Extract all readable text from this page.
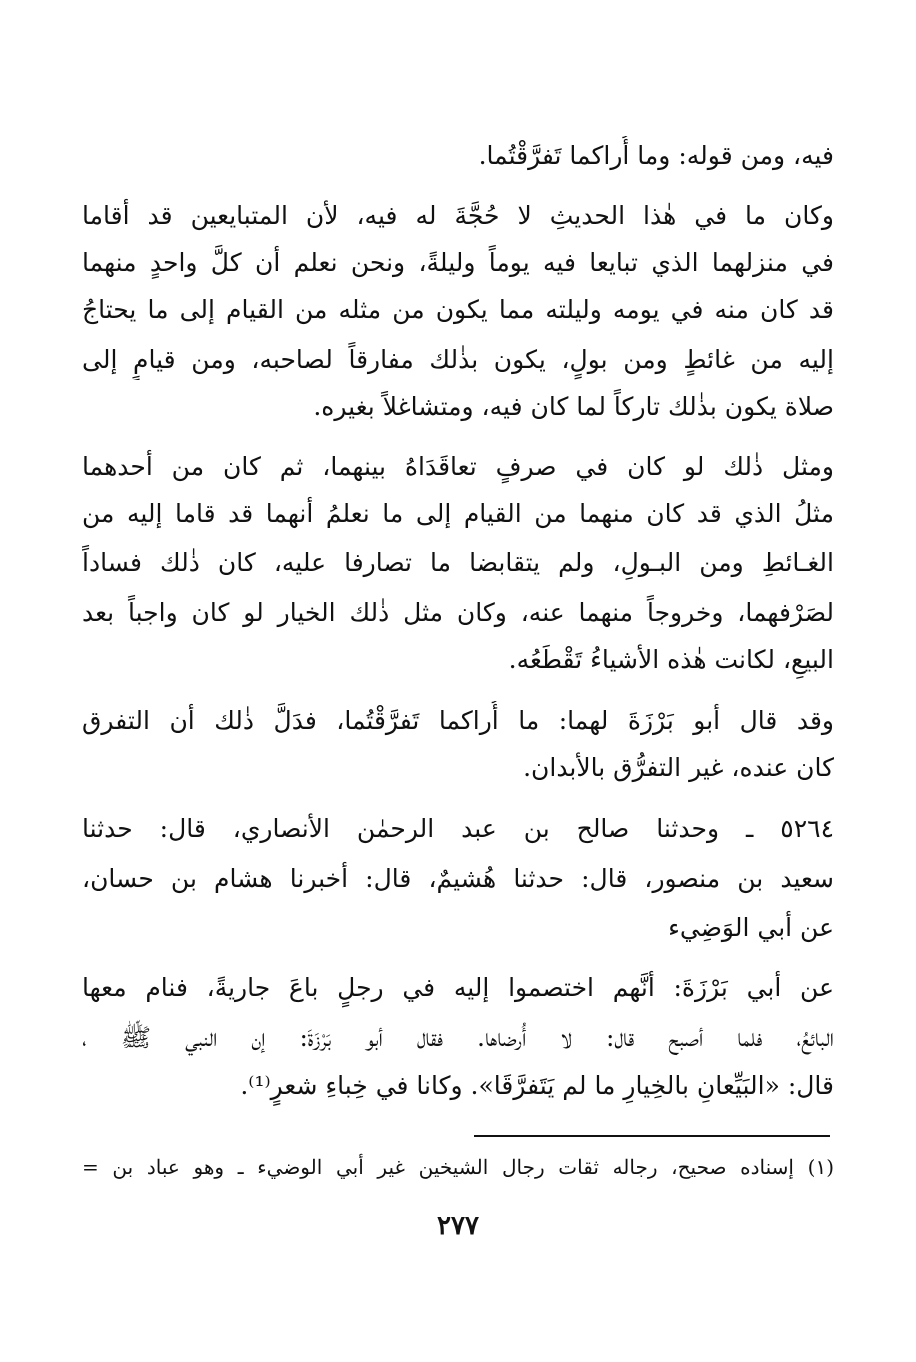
فيه، ومن قوله: وما أُراكما تَفرَّقْتُما.
وكان ما في هٰذا الحديثِ لا حُجَّةَ له فيه، لأن المتبايعين قد أقاما
في منزلهما الذي تبايعا فيه يوماً وليلةً، ونحن نعلم أن كلَّ واحدٍ منهما
قد كان منه في يومه وليلته مما يكون من مثله من القيام إلى ما يحتاجُ
إليه من غائطٍ ومن بولٍ، يكون بذٰلك مفارقاً لصاحبه، ومن قيامٍ إلى
صلاة يكون بذٰلك تاركاً لما كان فيه، ومتشاغلاً بغيره.
ومثل ذٰلك لو كان في صرفٍ تعاقَدَاهُ بينهما، ثم كان من أحدهما
مثلُ الذي قد كان منهما من القيام إلى ما نعلمُ أنهما قد قاما إليه من
الغـائطِ ومن البـولِ، ولم يتقابضا ما تصارفا عليه، كان ذٰلك فساداً
لصَرْفهما، وخروجاً منهما عنه، وكان مثل ذٰلك الخيار لو كان واجباً بعد
البيعِ، لكانت هٰذه الأشياءُ تَقْطَعُه.
وقد قال أبو بَرْزَةَ لهما: ما أُراكما تَفرَّقْتُما، فدَلَّ ذٰلك أن التفرق
كان عنده، غير التفرُّق بالأبدان.
٥٢٦٤ ـ وحدثنا صالح بن عبد الرحمٰن الأنصاري، قال: حدثنا
سعيد بن منصور، قال: حدثنا هُشيمٌ، قال: أخبرنا هشام بن حسان،
عن أبي الوَضِيء
عن أبي بَرْزَةَ: أنَّهم اختصموا إليه في رجلٍ باعَ جاريةً، فنام معها
البائعُ، فلما أصبح قال: لا أُرضاها. فقال أبو بَرْزَةَ: إن النبي ﷺ ،
قال: «البَيِّعانِ بالخِيارِ ما لم يَتَفرَّقَا». وكانا في خِباءِ شعرٍ⁽¹⁾.
(١) إسناده صحيح، رجاله ثقات رجال الشيخين غير أبي الوضيء ـ وهو عباد بن =
٢٧٧
